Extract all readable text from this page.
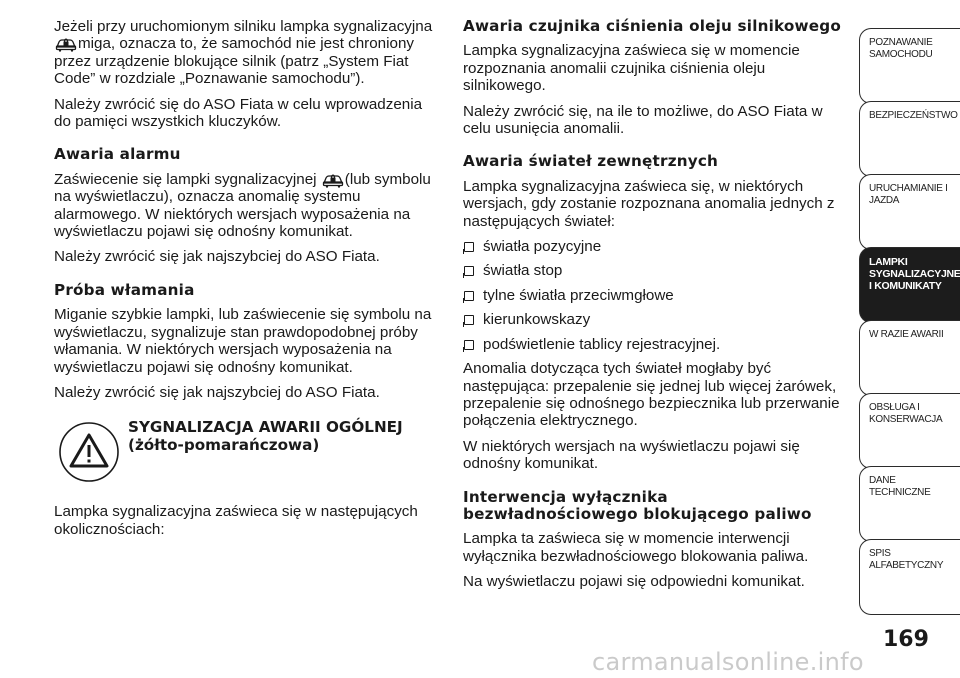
Jeżeli przy uruchomionym silniku lampka sygnalizacyjna miga, oznacza to, że samochód nie jest chroniony przez urządzenie blokujące silnik (patrz „System Fiat Code” w rozdziale „Poznawanie samochodu”).

Należy zwrócić się do ASO Fiata w celu wprowadzenia do pamięci wszystkich kluczyków.

Awaria alarmu

Zaświecenie się lampki sygnalizacyjnej (lub symbolu na wyświetlaczu), oznacza anomalię systemu alarmowego. W niektórych wersjach wyposażenia na wyświetlaczu pojawi się odnośny komunikat.

Należy zwrócić się jak najszybciej do ASO Fiata.

Próba włamania

Miganie szybkie lampki, lub zaświecenie się symbolu na wyświetlaczu, sygnalizuje stan prawdopodobnej próby włamania. W niektórych wersjach wyposażenia na wyświetlaczu pojawi się odnośny komunikat.

Należy zwrócić się jak najszybciej do ASO Fiata.

SYGNALIZACJA AWARII OGÓLNEJ (żółto-pomarańczowa)

Lampka sygnalizacyjna zaświeca się w następujących okolicznościach:

Awaria czujnika ciśnienia oleju silnikowego

Lampka sygnalizacyjna zaświeca się w momencie rozpoznania anomalii czujnika ciśnienia oleju silnikowego.

Należy zwrócić się, na ile to możliwe, do ASO Fiata w celu usunięcia anomalii.

Awaria świateł zewnętrznych

Lampka sygnalizacyjna zaświeca się, w niektórych wersjach, gdy zostanie rozpoznana anomalia jednych z następujących świateł:

światła pozycyjne
światła stop
tylne światła przeciwmgłowe
kierunkowskazy
podświetlenie tablicy rejestracyjnej.

Anomalia dotycząca tych świateł mogłaby być następująca: przepalenie się jednej lub więcej żarówek, przepalenie się odnośnego bezpiecznika lub przerwanie połączenia elektrycznego.

W niektórych wersjach na wyświetlaczu pojawi się odnośny komunikat.

Interwencja wyłącznika bezwładnościowego blokującego paliwo

Lampka ta zaświeca się w momencie interwencji wyłącznika bezwładnościowego blokowania paliwa.

Na wyświetlaczu pojawi się odpowiedni komunikat.

POZNAWANIE
SAMOCHODU
BEZPIECZEŃSTWO
URUCHAMIANIE I
JAZDA
LAMPKI
SYGNALIZACYJNE
I KOMUNIKATY
W RAZIE AWARII
OBSŁUGA I
KONSERWACJA
DANE TECHNICZNE
SPIS ALFABETYCZNY
169
carmanualsonline.info
